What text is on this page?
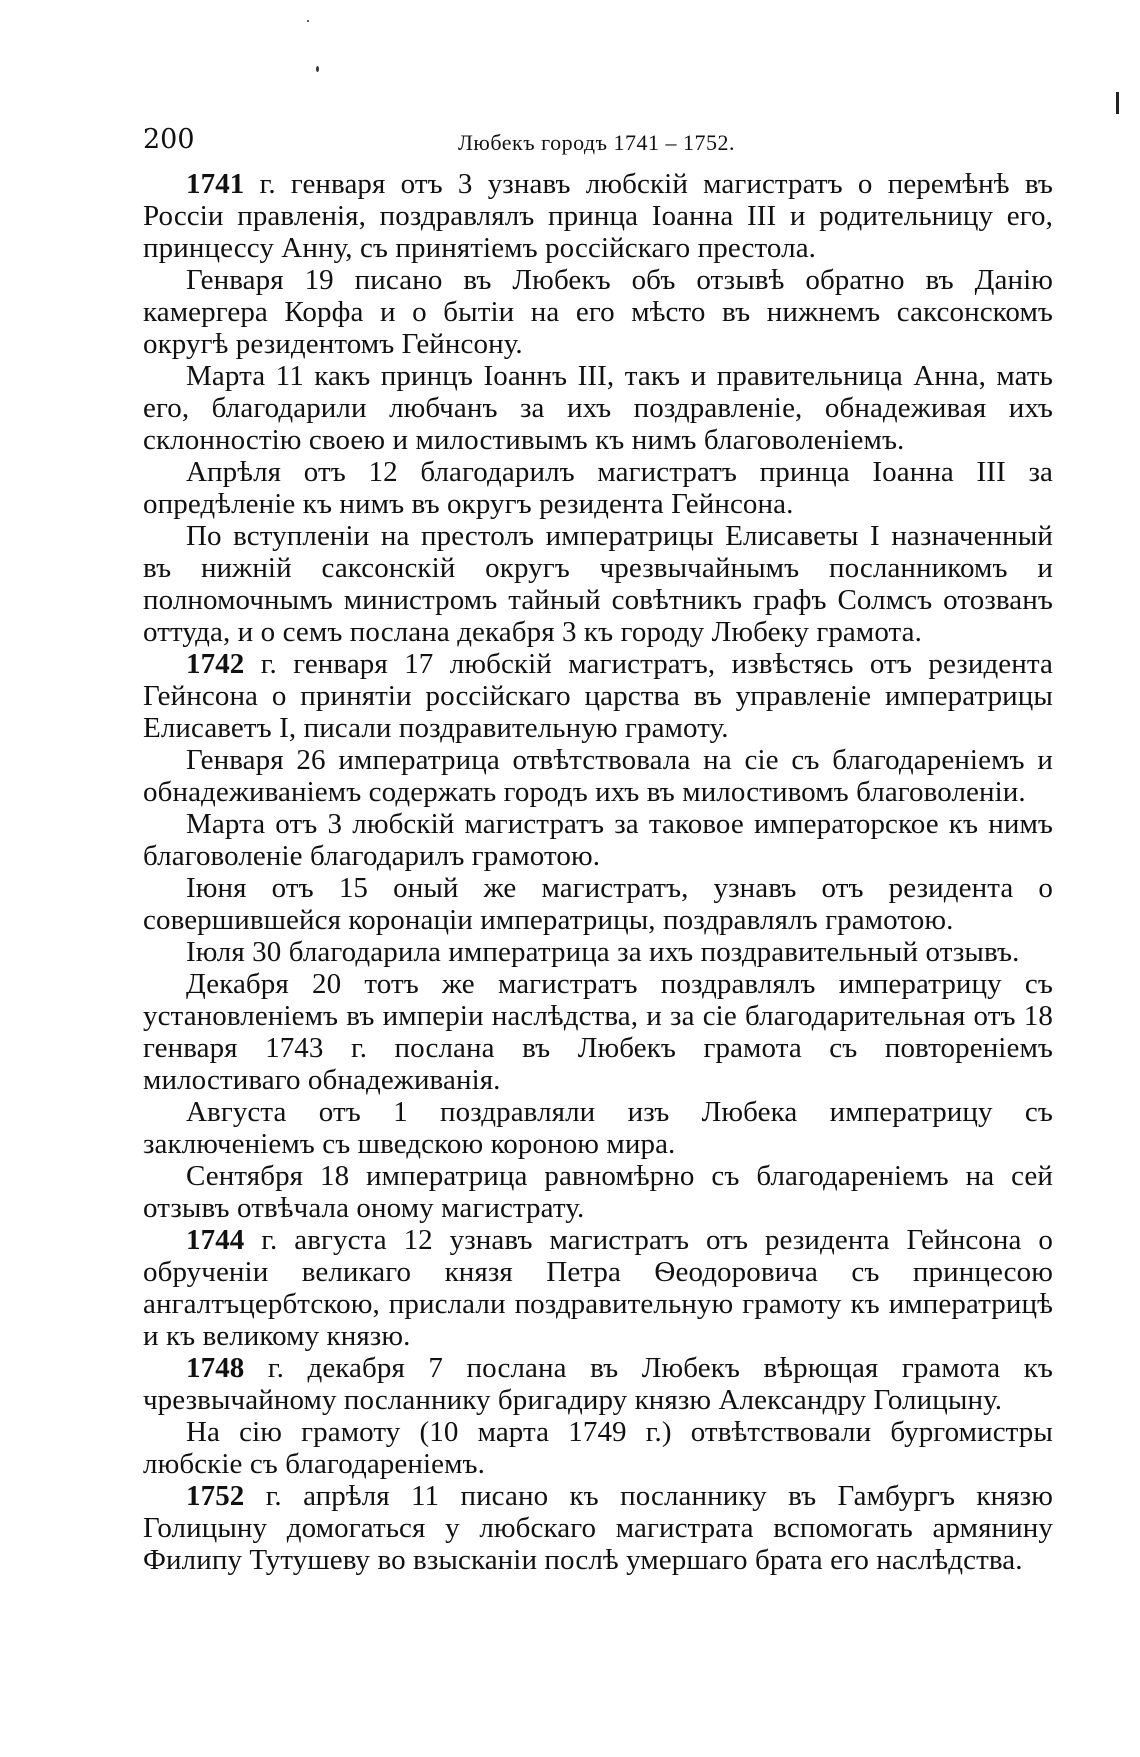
200	Любекъ городъ 1741 – 1752.

1741 г. генваря отъ 3 узнавъ любскій магистратъ о перемѣнѣ въ Россіи правленія, поздравлялъ принца Іоанна III и родительницу его, принцессу Анну, съ принятіемъ россійскаго престола.

Генваря 19 писано въ Любекъ объ отзывѣ обратно въ Данію камергера Корфа и о бытіи на его мѣсто въ нижнемъ саксонскомъ округѣ резидентомъ Гейнсону.

Марта 11 какъ принцъ Іоаннъ III, такъ и правительница Анна, мать его, благодарили любчанъ за ихъ поздравленіе, обнадеживая ихъ склонностію своею и милостивымъ къ нимъ благоволеніемъ.

Апрѣля отъ 12 благодарилъ магистратъ принца Іоанна III за опредѣленіе къ нимъ въ округъ резидента Гейнсона.

По вступленіи на престолъ императрицы Елисаветы I назначенный въ нижній саксонскій округъ чрезвычайнымъ посланникомъ и полномочнымъ министромъ тайный совѣтникъ графъ Солмсъ отозванъ оттуда, и о семъ послана декабря 3 къ городу Любеку грамота.

1742 г. генваря 17 любскій магистратъ, извѣстясь отъ резидента Гейнсона о принятіи россійскаго царства въ управленіе императрицы Елисаветъ I, писали поздравительную грамоту.

Генваря 26 императрица отвѣтствовала на сіе съ благодареніемъ и обнадеживаніемъ содержать городъ ихъ въ милостивомъ благоволеніи.

Марта отъ 3 любскій магистратъ за таковое императорское къ нимъ благоволеніе благодарилъ грамотою.

Іюня отъ 15 оный же магистратъ, узнавъ отъ резидента о совершившейся коронаціи императрицы, поздравлялъ грамотою.

Іюля 30 благодарила императрица за ихъ поздравительный отзывъ.

Декабря 20 тотъ же магистратъ поздравлялъ императрицу съ установленіемъ въ имперіи наслѣдства, и за сіе благодарительная отъ 18 генваря 1743 г. послана въ Любекъ грамота съ повтореніемъ милостиваго обнадеживанія.

Августа отъ 1 поздравляли изъ Любека императрицу съ заключеніемъ съ шведскою короною мира.

Сентября 18 императрица равномѣрно съ благодареніемъ на сей отзывъ отвѣчала оному магистрату.

1744 г. августа 12 узнавъ магистратъ отъ резидента Гейнсона о обрученіи великаго князя Петра Ѳеодоровича съ принцесою ангалтъцербтскою, прислали поздравительную грамоту къ императрицѣ и къ великому князю.

1748 г. декабря 7 послана въ Любекъ вѣрющая грамота къ чрезвычайному посланнику бригадиру князю Александру Голицыну.

На сію грамоту (10 марта 1749 г.) отвѣтствовали бургомистры любскіе съ благодареніемъ.

1752 г. апрѣля 11 писано къ посланнику въ Гамбургъ князю Голицыну домогаться у любскаго магистрата вспомогать армянину Филипу Тутушеву во взысканіи послѣ умершаго брата его наслѣдства.
